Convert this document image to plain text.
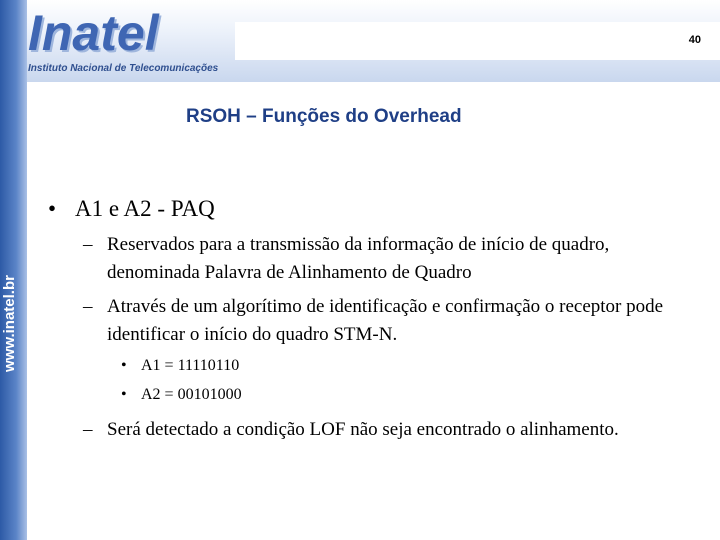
Inatel
Instituto Nacional de Telecomunicações
40
www.inatel.br
RSOH – Funções do Overhead
• A1 e A2 - PAQ
– Reservados para a transmissão da informação de início de quadro, denominada Palavra de Alinhamento de Quadro
– Através de um algorítimo de identificação e confirmação o receptor pode identificar o início do quadro STM-N.
• A1 = 11110110
• A2 = 00101000
– Será detectado a condição LOF não seja encontrado o alinhamento.
